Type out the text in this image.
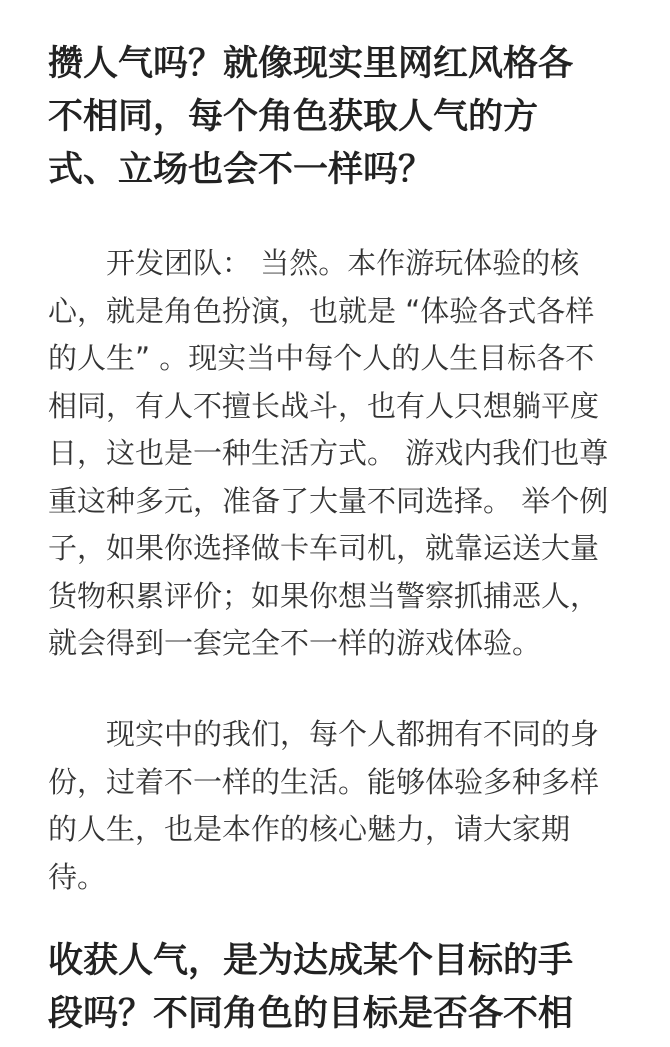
攒人气吗？就像现实里网红风格各
不相同，每个角色获取人气的方
式、立场也会不一样吗？

开发团队： 当然。本作游玩体验的核
心，就是角色扮演，也就是 “体验各式各样
的人生” 。现实当中每个人的人生目标各不
相同，有人不擅长战斗，也有人只想躺平度
日，这也是一种生活方式。 游戏内我们也尊
重这种多元，准备了大量不同选择。 举个例
子，如果你选择做卡车司机，就靠运送大量
货物积累评价；如果你想当警察抓捕恶人，
就会得到一套完全不一样的游戏体验。

现实中的我们，每个人都拥有不同的身
份，过着不一样的生活。能够体验多种多样
的人生，也是本作的核心魅力，请大家期
待。

收获人气，是为达成某个目标的手
段吗？不同角色的目标是否各不相
